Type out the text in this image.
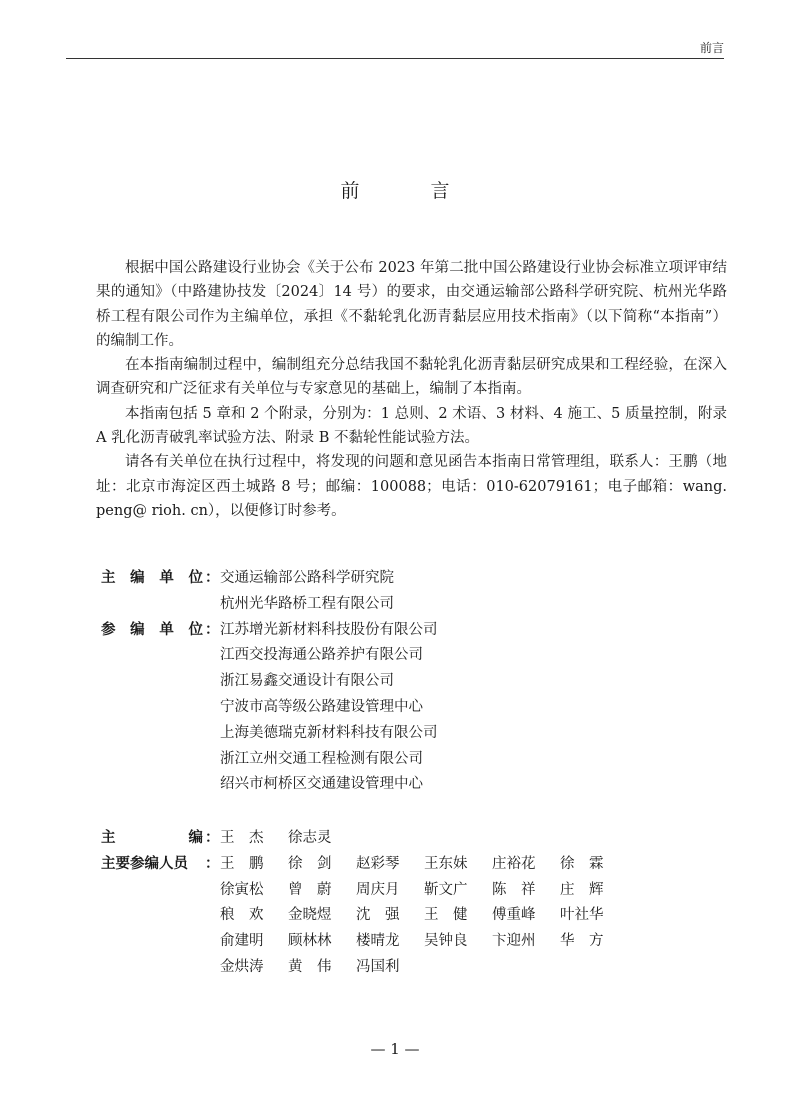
前言
前　言

根据中国公路建设行业协会《关于公布 2023 年第二批中国公路建设行业协会标准立项评审结果的通知》（中路建协技发〔2024〕14 号）的要求，由交通运输部公路科学研究院、杭州光华路桥工程有限公司作为主编单位，承担《不黏轮乳化沥青黏层应用技术指南》（以下简称“本指南”）的编制工作。

在本指南编制过程中，编制组充分总结我国不黏轮乳化沥青黏层研究成果和工程经验，在深入调查研究和广泛征求有关单位与专家意见的基础上，编制了本指南。

本指南包括 5 章和 2 个附录，分别为：1 总则、2 术语、3 材料、4 施工、5 质量控制，附录 A 乳化沥青破乳率试验方法、附录 B 不黏轮性能试验方法。

请各有关单位在执行过程中，将发现的问题和意见函告本指南日常管理组，联系人：王鹏（地址：北京市海淀区西土城路 8 号；邮编：100088；电话：010-62079161；电子邮箱：wang. peng@ rioh. cn），以便修订时参考。

主编单位 ： 交通运输部公路科学研究院
杭州光华路桥工程有限公司
参编单位 ： 江苏增光新材料科技股份有限公司
江西交投海通公路养护有限公司
浙江易鑫交通设计有限公司
宁波市高等级公路建设管理中心
上海美德瑞克新材料科技有限公司
浙江立州交通工程检测有限公司
绍兴市柯桥区交通建设管理中心
主编 ： 王　杰	徐志灵
主要参编人员	： 王　鹏	徐　剑	赵彩琴	王东妹	庄裕花	徐　霖
徐寅松	曾　蔚	周庆月	靳文广	陈　祥	庄　辉
稂　欢	金晓煜	沈　强	王　健	傅重峰	叶社华
俞建明	顾林林	楼晴龙	吴钟良	卞迎州	华　方
金烘涛	黄　伟	冯国利
— 1 —
